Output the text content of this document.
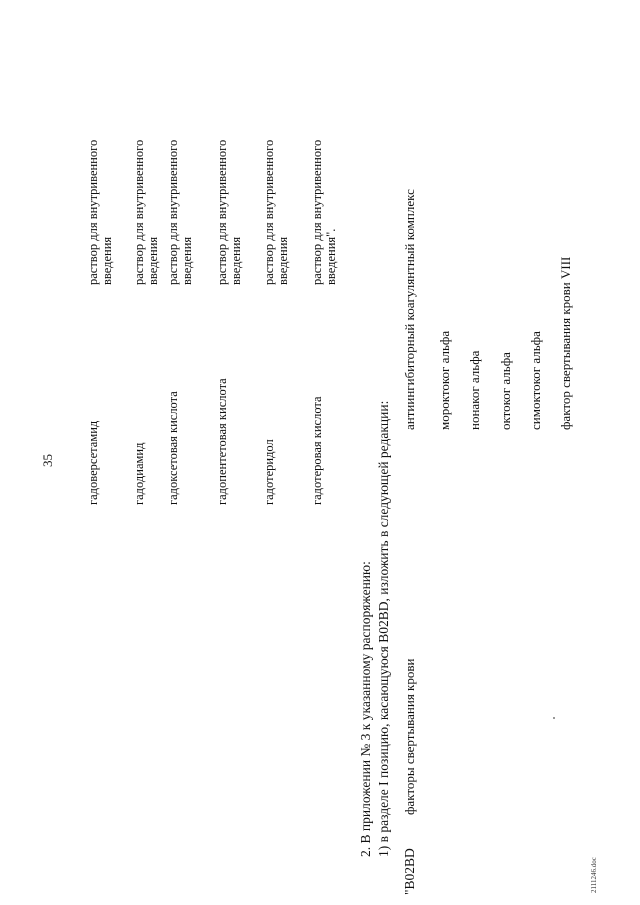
35 гадоверсетамид
раствор для внутривенного введения
гадодиамид
раствор для внутривенного введения
гадоксетовая кислота
раствор для внутривенного введения
гадопентетовая кислота
раствор для внутривенного введения
гадотеридол
раствор для внутривенного введения
гадотеровая кислота
раствор для внутривенного введения".
2. В приложении № 3 к указанному распоряжению: 1) в разделе I позицию, касающуюся B02BD, изложить в следующей редакции:
"B02BD
факторы свертывания крови
антиингибиторный коагулянтный комплекс мороктоког альфа нонаког альфа октоког альфа симоктоког альфа фактор свертывания крови VIII
2111246.doc
